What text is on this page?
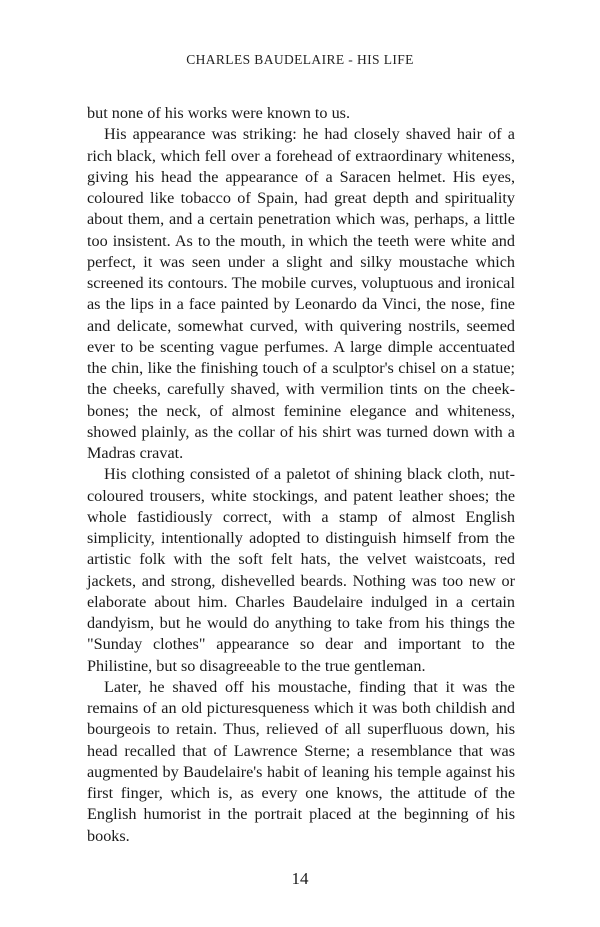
CHARLES BAUDELAIRE - HIS LIFE

but none of his works were known to us.

His appearance was striking: he had closely shaved hair of a rich black, which fell over a forehead of extraordinary whiteness, giving his head the appearance of a Saracen helmet. His eyes, coloured like tobacco of Spain, had great depth and spirituality about them, and a certain penetration which was, perhaps, a little too insistent. As to the mouth, in which the teeth were white and perfect, it was seen under a slight and silky moustache which screened its contours. The mobile curves, voluptuous and ironical as the lips in a face painted by Leonardo da Vinci, the nose, fine and delicate, somewhat curved, with quivering nostrils, seemed ever to be scenting vague perfumes. A large dimple accentuated the chin, like the finishing touch of a sculptor's chisel on a statue; the cheeks, carefully shaved, with vermilion tints on the cheek-bones; the neck, of almost feminine elegance and whiteness, showed plainly, as the collar of his shirt was turned down with a Madras cravat.

His clothing consisted of a paletot of shining black cloth, nut-coloured trousers, white stockings, and patent leather shoes; the whole fastidiously correct, with a stamp of almost English simplicity, intentionally adopted to distinguish himself from the artistic folk with the soft felt hats, the velvet waistcoats, red jackets, and strong, dishevelled beards. Nothing was too new or elaborate about him. Charles Baudelaire indulged in a certain dandyism, but he would do anything to take from his things the "Sunday clothes" appearance so dear and important to the Philistine, but so disagreeable to the true gentleman.

Later, he shaved off his moustache, finding that it was the remains of an old picturesqueness which it was both childish and bourgeois to retain. Thus, relieved of all superfluous down, his head recalled that of Lawrence Sterne; a resemblance that was augmented by Baudelaire's habit of leaning his temple against his first finger, which is, as every one knows, the attitude of the English humorist in the portrait placed at the beginning of his books.

14
